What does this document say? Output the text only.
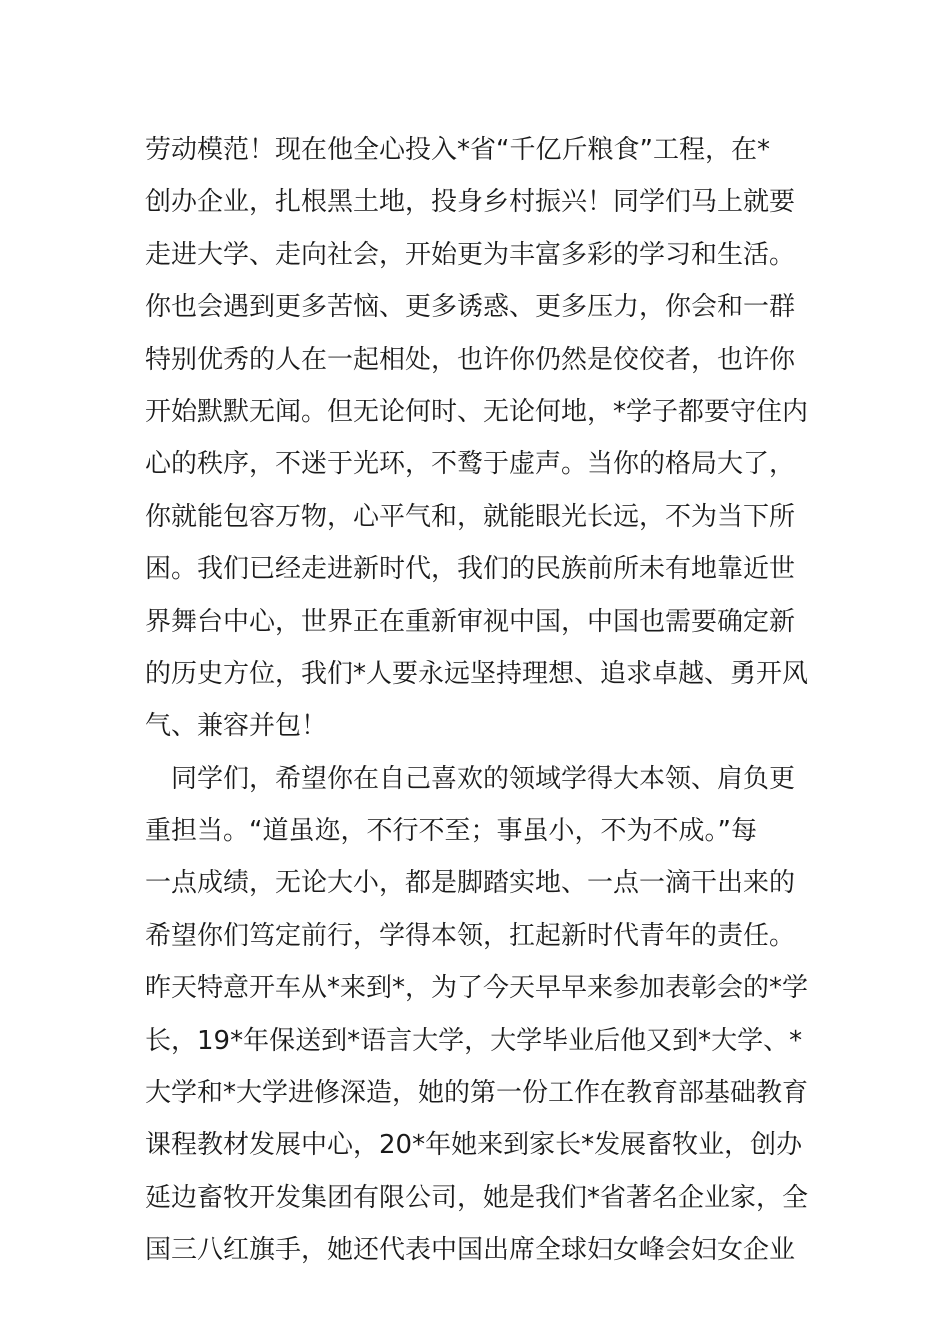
劳动模范！现在他全心投入*省“千亿斤粮食”工程，在*
创办企业，扎根黑土地，投身乡村振兴！同学们马上就要
走进大学、走向社会，开始更为丰富多彩的学习和生活。
你也会遇到更多苦恼、更多诱惑、更多压力，你会和一群
特别优秀的人在一起相处，也许你仍然是佼佼者，也许你
开始默默无闻。但无论何时、无论何地，*学子都要守住内
心的秩序，不迷于光环，不鹜于虚声。当你的格局大了，
你就能包容万物，心平气和，就能眼光长远，不为当下所
困。我们已经走进新时代，我们的民族前所未有地靠近世
界舞台中心，世界正在重新审视中国，中国也需要确定新
的历史方位，我们*人要永远坚持理想、追求卓越、勇开风
气、兼容并包！
　同学们，希望你在自己喜欢的领域学得大本领、肩负更
重担当。“道虽迩，不行不至；事虽小，不为不成。”每
一点成绩，无论大小，都是脚踏实地、一点一滴干出来的
希望你们笃定前行，学得本领，扛起新时代青年的责任。
昨天特意开车从*来到*，为了今天早早来参加表彰会的*学
长，19*年保送到*语言大学，大学毕业后他又到*大学、*
大学和*大学进修深造，她的第一份工作在教育部基础教育
课程教材发展中心，20*年她来到家长*发展畜牧业，创办
延边畜牧开发集团有限公司，她是我们*省著名企业家，全
国三八红旗手，她还代表中国出席全球妇女峰会妇女企业
